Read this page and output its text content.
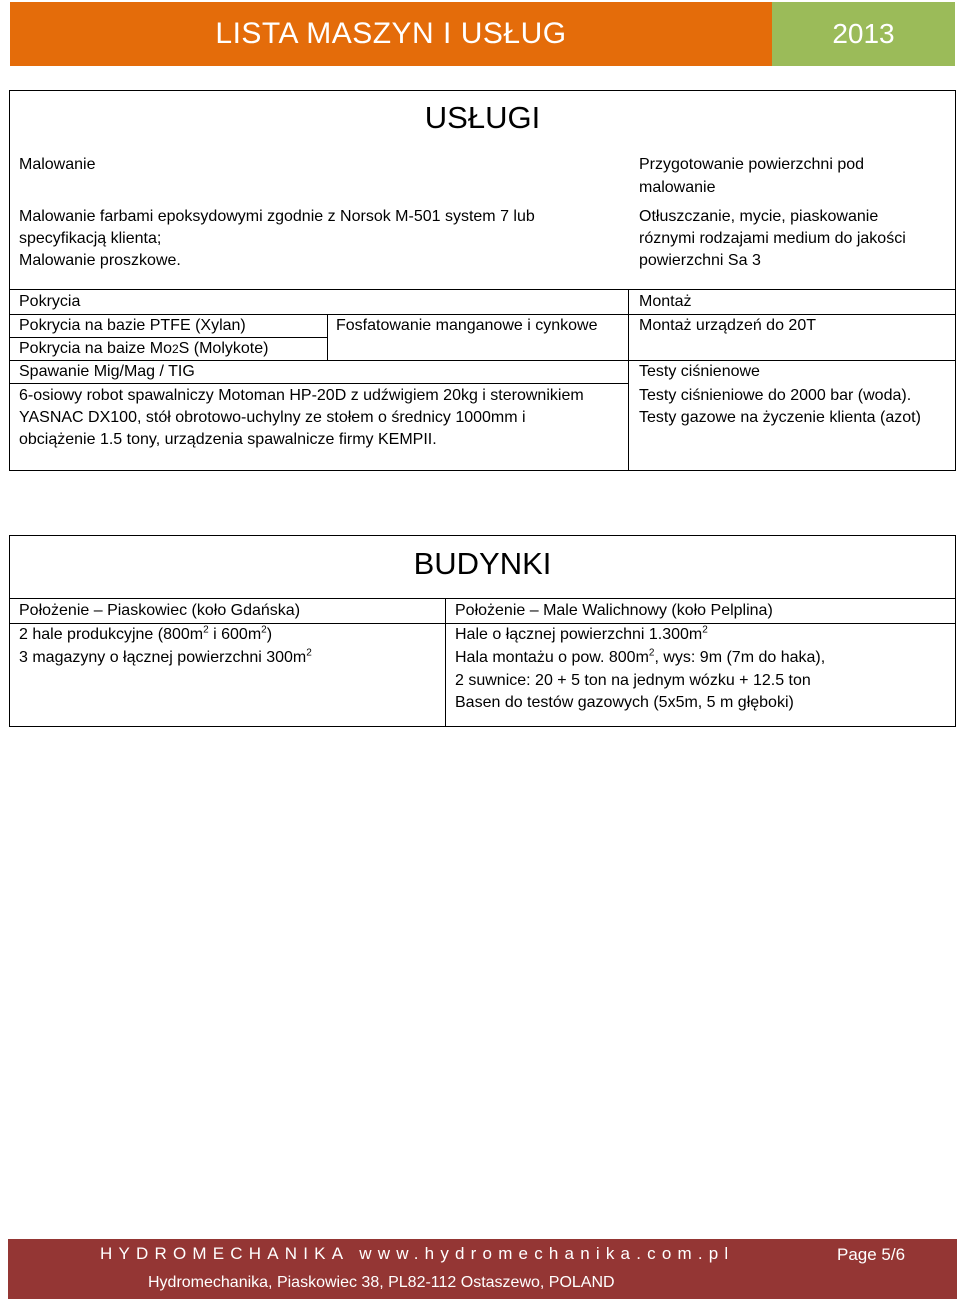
LISTA MASZYN I USŁUG	2013
USŁUGI
Malowanie
Malowanie farbami epoksydowymi zgodnie z Norsok M-501 system 7 lub
specyfikacją klienta;
Malowanie proszkowe.
Przygotowanie powierzchni pod
malowanie
Otłuszczanie, mycie, piaskowanie
róznymi rodzajami medium do jakości
powierzchni Sa 3
Pokrycia
Pokrycia na bazie PTFE (Xylan)
Pokrycia na baize Mo2S (Molykote)
Fosfatowanie manganowe i cynkowe
Montaż
Montaż urządzeń do 20T
Spawanie Mig/Mag / TIG
6-osiowy robot spawalniczy Motoman HP-20D z udźwigiem 20kg i sterownikiem
YASNAC DX100, stół obrotowo-uchylny ze stołem o średnicy 1000mm i
obciążenie 1.5 tony, urządzenia spawalnicze firmy KEMPII.
Testy ciśnienowe
Testy ciśnieniowe do 2000 bar (woda).
Testy gazowe na życzenie klienta (azot)
BUDYNKI
Położenie – Piaskowiec (koło Gdańska)
2 hale produkcyjne ($800m^2$ i $600m^2$)
3 magazyny o łącznej powierzchni $300m^2$
Położenie – Male Walichnowy (koło Pelplina)
Hale o łącznej powierzchni $1.300m^2$
Hala montażu o pow. $800m^2$, wys: 9m (7m do haka),
2 suwnice: 20 + 5 ton na jednym wózku + 12.5 ton
Basen do testów gazowych (5x5m, 5 m głęboki)
HYDROMECHANIKA www.hydromechanika.com.pl
Hydromechanika, Piaskowiec 38, PL82-112 Ostaszewo, POLAND
Page 5/6
